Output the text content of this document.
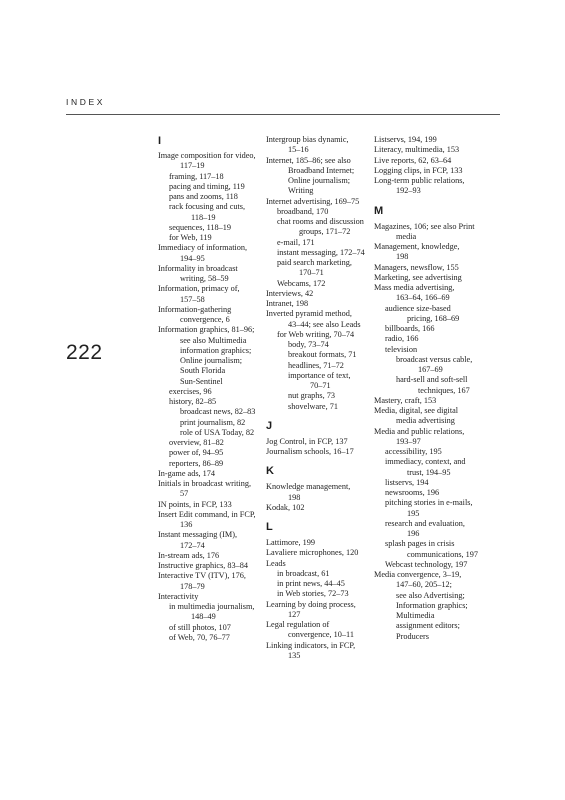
INDEX
222
I
Image composition for video,
117–19
framing, 117–18
pacing and timing, 119
pans and zooms, 118
rack focusing and cuts,
118–19
sequences, 118–19
for Web, 119
Immediacy of information,
194–95
Informality in broadcast
writing, 58–59
Information, primacy of,
157–58
Information-gathering
convergence, 6
Information graphics, 81–96;
see also Multimedia
information graphics;
Online journalism;
South Florida
Sun-Sentinel
exercises, 96
history, 82–85
broadcast news, 82–83
print journalism, 82
role of USA Today, 82
overview, 81–82
power of, 94–95
reporters, 86–89
In-game ads, 174
Initials in broadcast writing,
57
IN points, in FCP, 133
Insert Edit command, in FCP,
136
Instant messaging (IM),
172–74
In-stream ads, 176
Instructive graphics, 83–84
Interactive TV (ITV), 176,
178–79
Interactivity
in multimedia journalism,
148–49
of still photos, 107
of Web, 70, 76–77
Intergroup bias dynamic,
15–16
Internet, 185–86; see also
Broadband Internet;
Online journalism;
Writing
Internet advertising, 169–75
broadband, 170
chat rooms and discussion
groups, 171–72
e-mail, 171
instant messaging, 172–74
paid search marketing,
170–71
Webcams, 172
Interviews, 42
Intranet, 198
Inverted pyramid method,
43–44; see also Leads
for Web writing, 70–74
body, 73–74
breakout formats, 71
headlines, 71–72
importance of text,
70–71
nut graphs, 73
shovelware, 71
J
Jog Control, in FCP, 137
Journalism schools, 16–17
K
Knowledge management,
198
Kodak, 102
L
Lattimore, 199
Lavaliere microphones, 120
Leads
in broadcast, 61
in print news, 44–45
in Web stories, 72–73
Learning by doing process,
127
Legal regulation of
convergence, 10–11
Linking indicators, in FCP,
135
Listservs, 194, 199
Literacy, multimedia, 153
Live reports, 62, 63–64
Logging clips, in FCP, 133
Long-term public relations,
192–93
M
Magazines, 106; see also Print
media
Management, knowledge,
198
Managers, newsflow, 155
Marketing, see advertising
Mass media advertising,
163–64, 166–69
audience size-based
pricing, 168–69
billboards, 166
radio, 166
television
broadcast versus cable,
167–69
hard-sell and soft-sell
techniques, 167
Mastery, craft, 153
Media, digital, see digital
media advertising
Media and public relations,
193–97
accessibility, 195
immediacy, context, and
trust, 194–95
listservs, 194
newsrooms, 196
pitching stories in e-mails,
195
research and evaluation,
196
splash pages in crisis
communications, 197
Webcast technology, 197
Media convergence, 3–19,
147–60, 205–12;
see also Advertising;
Information graphics;
Multimedia
assignment editors;
Producers
